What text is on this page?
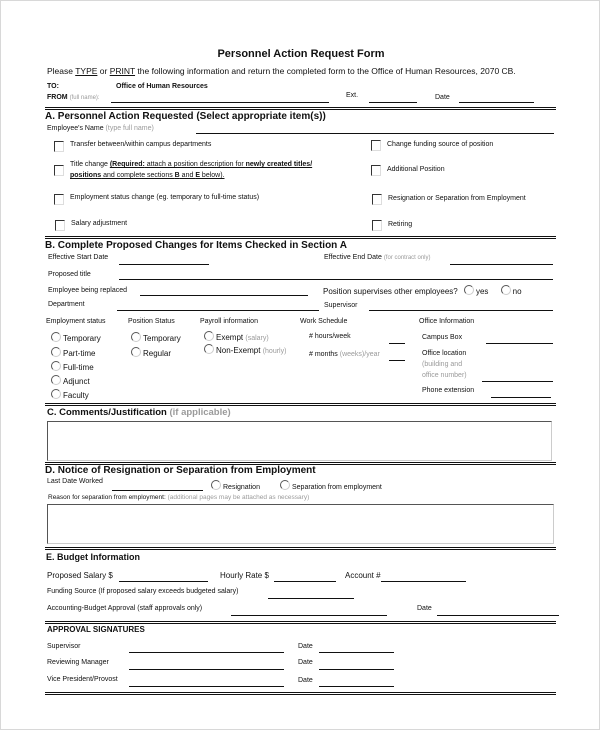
Personnel Action Request Form
Please TYPE or PRINT the following information and return the completed form to the Office of Human Resources, 2070 CB.
TO:	Office of Human Resources
FROM (full name):	Ext.	Date
A. Personnel Action Requested (Select appropriate item(s))
Employee's Name (type full name)
Transfer between/within campus departments
Title change (Required: attach a position description for newly created titles/
positions and complete sections B and E below).
Employment status change (eg. temporary to full-time status)
Salary adjustment
Change funding source of position
Additional Position
Resignation or Separation from Employment
Retiring
B. Complete Proposed Changes for Items Checked in Section A
Effective Start Date	Effective End Date (for contract only)
Proposed title
Employee being replaced	Position supervises other employees? yes	no
Department	Supervisor
Employment status
Temporary
Part-time
Full-time
Adjunct
Faculty
Position Status
Temporary
Regular
Payroll information
Exempt (salary)
Non-Exempt (hourly)
Work Schedule
# hours/week
# months (weeks)/year
Office Information
Campus Box
Office location
(building and
office number)
Phone extension
C. Comments/Justification (if applicable)
D. Notice of Resignation or Separation from Employment
Last Date Worked
Resignation	Separation from employment
Reason for separation from employment: (additional pages may be attached as necessary)
E. Budget Information
Proposed Salary $	Hourly Rate $	Account #
Funding Source (If proposed salary exceeds budgeted salary)
Accounting-Budget Approval (staff approvals only)	Date
APPROVAL SIGNATURES
Supervisor	Date
Reviewing Manager	Date
Vice President/Provost	Date
